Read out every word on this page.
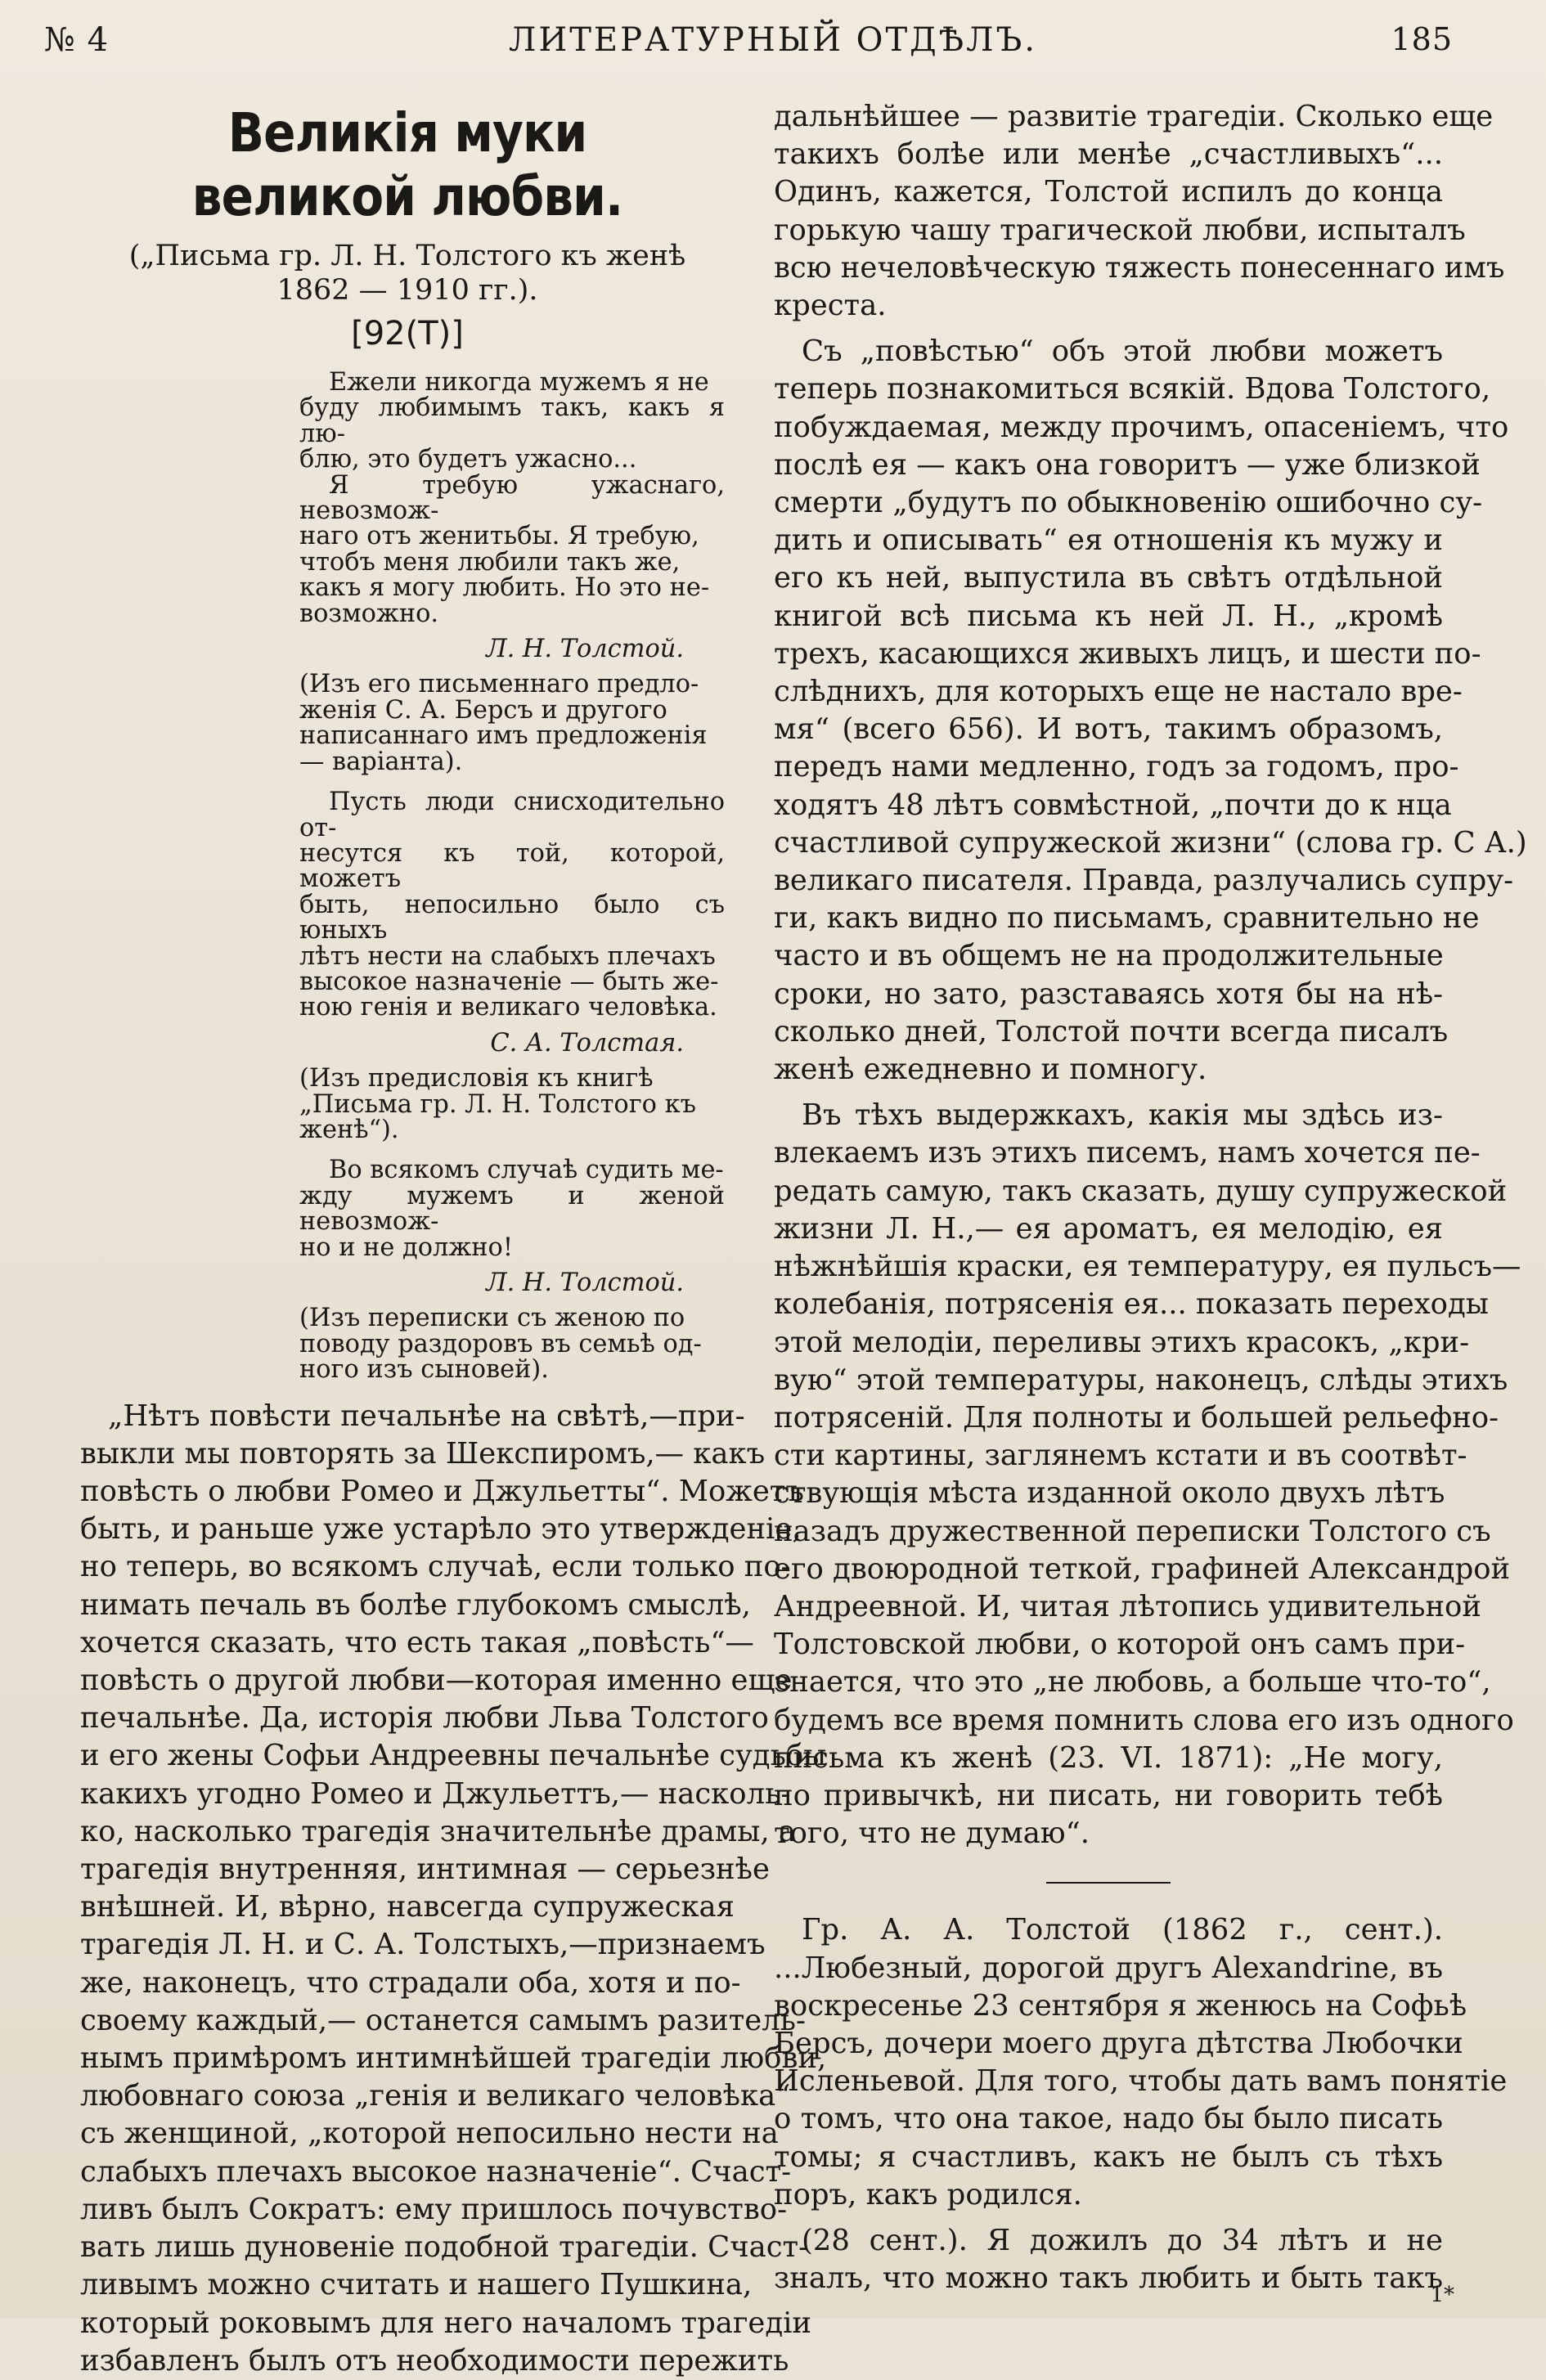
ЛИТЕРАТУРНЫЙ ОТДѢЛЪ.
№ 4	185
Великія муки великой любви.
(„Письма гр. Л. Н. Толстого къ женѣ 1862 — 1910 гг.).
[92(Т)]
Ежели никогда мужемъ я не
буду любимымъ такъ, какъ я лю-
блю, это будетъ ужасно...
Я требую ужаснаго, невозмож-
наго отъ женитьбы. Я требую,
чтобъ меня любили такъ же,
какъ я могу любить. Но это не-
возможно.
Л. Н. Толстой.
(Изъ его письменнаго предло- женія С. А. Берсъ и другого написаннаго имъ предложенія— варіанта).
Пусть люди снисходительно от-
несутся къ той, которой, можетъ
быть, непосильно было съ юныхъ
лѣтъ нести на слабыхъ плечахъ
высокое назначеніе — быть же-
ною генія и великаго человѣка.
С. А. Толстая.
(Изъ предисловія къ книгѣ „Письма гр. Л. Н. Толстого къ женѣ“).
Во всякомъ случаѣ судить ме-
жду мужемъ и женой невозмож-
но и не должно!
Л. Н. Толстой.
(Изъ переписки съ женою по поводу раздоровъ въ семьѣ од- ного изъ сыновей).
„Нѣтъ повѣсти печальнѣе на свѣтѣ,—при-
выкли мы повторять за Шекспиромъ,— какъ
повѣсть о любви Ромео и Джульетты“. Можетъ
быть, и раньше уже устарѣло это утвержденіе,
но теперь, во всякомъ случаѣ, если только по-
нимать печаль въ болѣе глубокомъ смыслѣ,
хочется сказать, что есть такая „повѣсть“—
повѣсть о другой любви—которая именно еще
печальнѣе. Да, исторія любви Льва Толстого
и его жены Софьи Андреевны печальнѣе судьбы
какихъ угодно Ромео и Джульеттъ,— насколь-
ко, насколько трагедія значительнѣе драмы, а
трагедія внутренняя, интимная — серьезнѣе
внѣшней. И, вѣрно, навсегда супружеская
трагедія Л. Н. и С. А. Толстыхъ,—признаемъ
же, наконецъ, что страдали оба, хотя и по-
своему каждый,— останется самымъ разитель-
нымъ примѣромъ интимнѣйшей трагедіи любви,
любовнаго союза „генія и великаго человѣка“
съ женщиной, „которой непосильно нести на
слабыхъ плечахъ высокое назначеніе“. Счаст-
ливъ былъ Сократъ: ему пришлось почувство-
вать лишь дуновеніе подобной трагедіи. Счаст-
ливымъ можно считать и нашего Пушкина,
который роковымъ для него началомъ трагедіи
избавленъ былъ отъ необходимости пережить
дальнѣйшее — развитіе трагедіи. Сколько еще
такихъ болѣе или менѣе „счастливыхъ“...
Одинъ, кажется, Толстой испилъ до конца
горькую чашу трагической любви, испыталъ
всю нечеловѣческую тяжесть понесеннаго имъ
креста.
Съ „повѣстью“ объ этой любви можетъ
теперь познакомиться всякій. Вдова Толстого,
побуждаемая, между прочимъ, опасеніемъ, что
послѣ ея — какъ она говоритъ — уже близкой
смерти „будутъ по обыкновенію ошибочно су-
дить и описывать“ ея отношенія къ мужу и
его къ ней, выпустила въ свѣтъ отдѣльной
книгой всѣ письма къ ней Л. Н., „кромѣ
трехъ, касающихся живыхъ лицъ, и шести по-
слѣднихъ, для которыхъ еще не настало вре-
мя“ (всего 656). И вотъ, такимъ образомъ,
передъ нами медленно, годъ за годомъ, про-
ходятъ 48 лѣтъ совмѣстной, „почти до к нца
счастливой супружеской жизни“ (слова гр. С А.)
великаго писателя. Правда, разлучались супру-
ги, какъ видно по письмамъ, сравнительно не
часто и въ общемъ не на продолжительные
сроки, но зато, разставаясь хотя бы на нѣ-
сколько дней, Толстой почти всегда писалъ
женѣ ежедневно и помногу.
Въ тѣхъ выдержкахъ, какія мы здѣсь из-
влекаемъ изъ этихъ писемъ, намъ хочется пе-
редать самую, такъ сказать, душу супружеской
жизни Л. Н.,— ея ароматъ, ея мелодію, ея
нѣжнѣйшія краски, ея температуру, ея пульсъ—
колебанія, потрясенія ея... показать переходы
этой мелодіи, переливы этихъ красокъ, „кри-
вую“ этой температуры, наконецъ, слѣды этихъ
потрясеній. Для полноты и большей рельефно-
сти картины, заглянемъ кстати и въ соотвѣт-
ствующія мѣста изданной около двухъ лѣтъ
назадъ дружественной переписки Толстого съ
его двоюродной теткой, графиней Александрой
Андреевной. И, читая лѣтопись удивительной
Толстовской любви, о которой онъ самъ при-
знается, что это „не любовь, а больше что-то“,
будемъ все время помнить слова его изъ одного
письма къ женѣ (23. VI. 1871): „Не могу,
по привычкѣ, ни писать, ни говорить тебѣ
того, что не думаю“.
Гр. А. А. Толстой (1862 г., сент.).
...Любезный, дорогой другъ Alexandrine, въ
воскресенье 23 сентября я женюсь на Софьѣ
Берсъ, дочери моего друга дѣтства Любочки
Исленьевой. Для того, чтобы дать вамъ понятіе
о томъ, что она такое, надо бы было писать
томы; я счастливъ, какъ не былъ съ тѣхъ
поръ, какъ родился.
(28 сент.). Я дожилъ до 34 лѣтъ и не
зналъ, что можно такъ любить и быть такъ
1*
